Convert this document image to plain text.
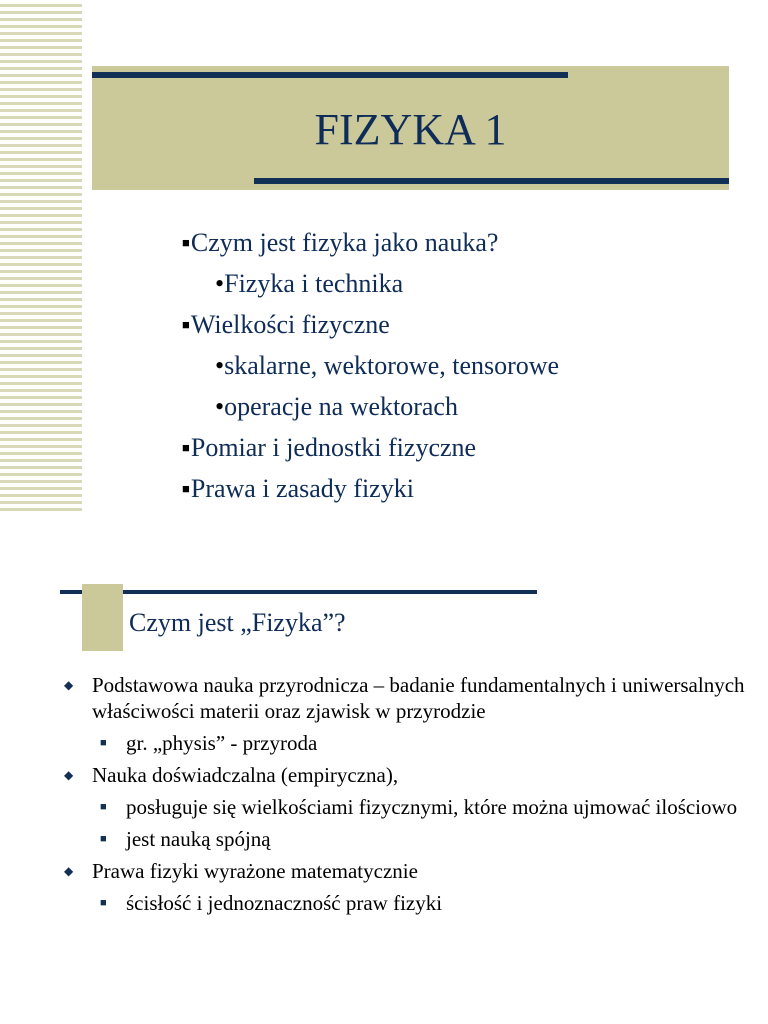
FIZYKA 1
■Czym jest fizyka jako nauka?
•Fizyka i technika
■Wielkości fizyczne
•skalarne, wektorowe, tensorowe
•operacje na wektorach
■Pomiar i jednostki fizyczne
■Prawa i zasady fizyki
Czym jest „Fizyka”?
◆ Podstawowa nauka przyrodnicza – badanie fundamentalnych i uniwersalnych właściwości materii oraz zjawisk w przyrodzie
■ gr. „physis” - przyroda
◆ Nauka doświadczalna (empiryczna),
■ posługuje się wielkościami fizycznymi, które można ujmować ilościowo
■ jest nauką spójną
◆ Prawa fizyki wyrażone matematycznie
■ ścisłość i jednoznaczność praw fizyki
